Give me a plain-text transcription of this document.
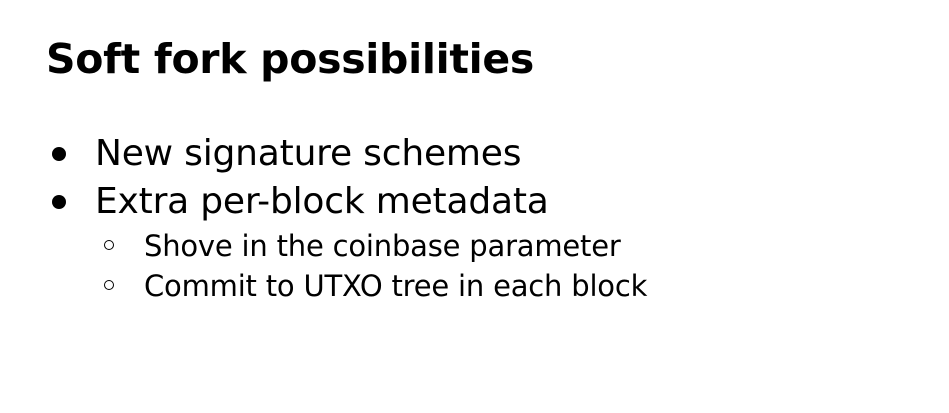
Soft fork possibilities
New signature schemes
Extra per-block metadata
Shove in the coinbase parameter
Commit to UTXO tree in each block
